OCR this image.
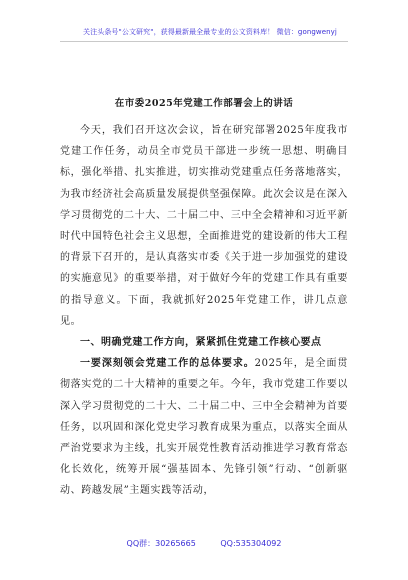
关注头条号"公文研究"，获得最新最全最专业的公文资料库！ 微信：gongwenyj
在市委2025年党建工作部署会上的讲话

今天，我们召开这次会议，旨在研究部署2025年度我市党建工作任务，动员全市党员干部进一步统一思想、明确目标，强化举措、扎实推进，切实推动党建重点任务落地落实，为我市经济社会高质量发展提供坚强保障。此次会议是在深入学习贯彻党的二十大、二十届二中、三中全会精神和习近平新时代中国特色社会主义思想，全面推进党的建设新的伟大工程的背景下召开的，是认真落实市委《关于进一步加强党的建设的实施意见》的重要举措，对于做好今年的党建工作具有重要的指导意义。下面，我就抓好2025年党建工作，讲几点意见。

一、明确党建工作方向，紧紧抓住党建工作核心要点

一要深刻领会党建工作的总体要求。2025年，是全面贯彻落实党的二十大精神的重要之年。今年，我市党建工作要以深入学习贯彻党的二十大、二十届二中、三中全会精神为首要任务，以巩固和深化党史学习教育成果为重点，以落实全面从严治党要求为主线，扎实开展党性教育活动推进学习教育常态化长效化，统筹开展“强基固本、先锋引领”行动、“创新驱动、跨越发展”主题实践等活动，

QQ群：30265665	QQ:535304092
